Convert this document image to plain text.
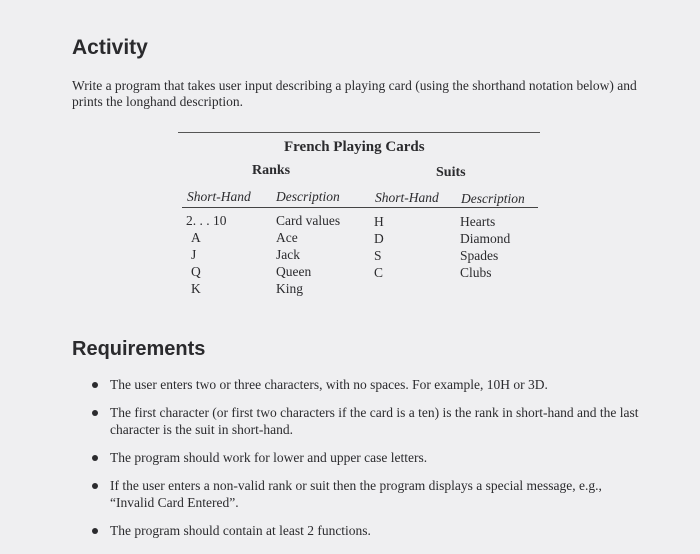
Activity

Write a program that takes user input describing a playing card (using the shorthand notation below) and prints the longhand description.

French Playing Cards
Ranks	Suits
Short-Hand Description	Short-Hand Description
2. . . 10
A
J
Q
K
Card values
Ace
Jack
Queen
King
H
D
S
C
Hearts
Diamond
Spades
Clubs
Requirements
The user enters two or three characters, with no spaces. For example, 10H or 3D.
The first character (or first two characters if the card is a ten) is the rank in short-hand and the last character is the suit in short-hand.
The program should work for lower and upper case letters.
If the user enters a non-valid rank or suit then the program displays a special message, e.g., “Invalid Card Entered”.
The program should contain at least 2 functions.
